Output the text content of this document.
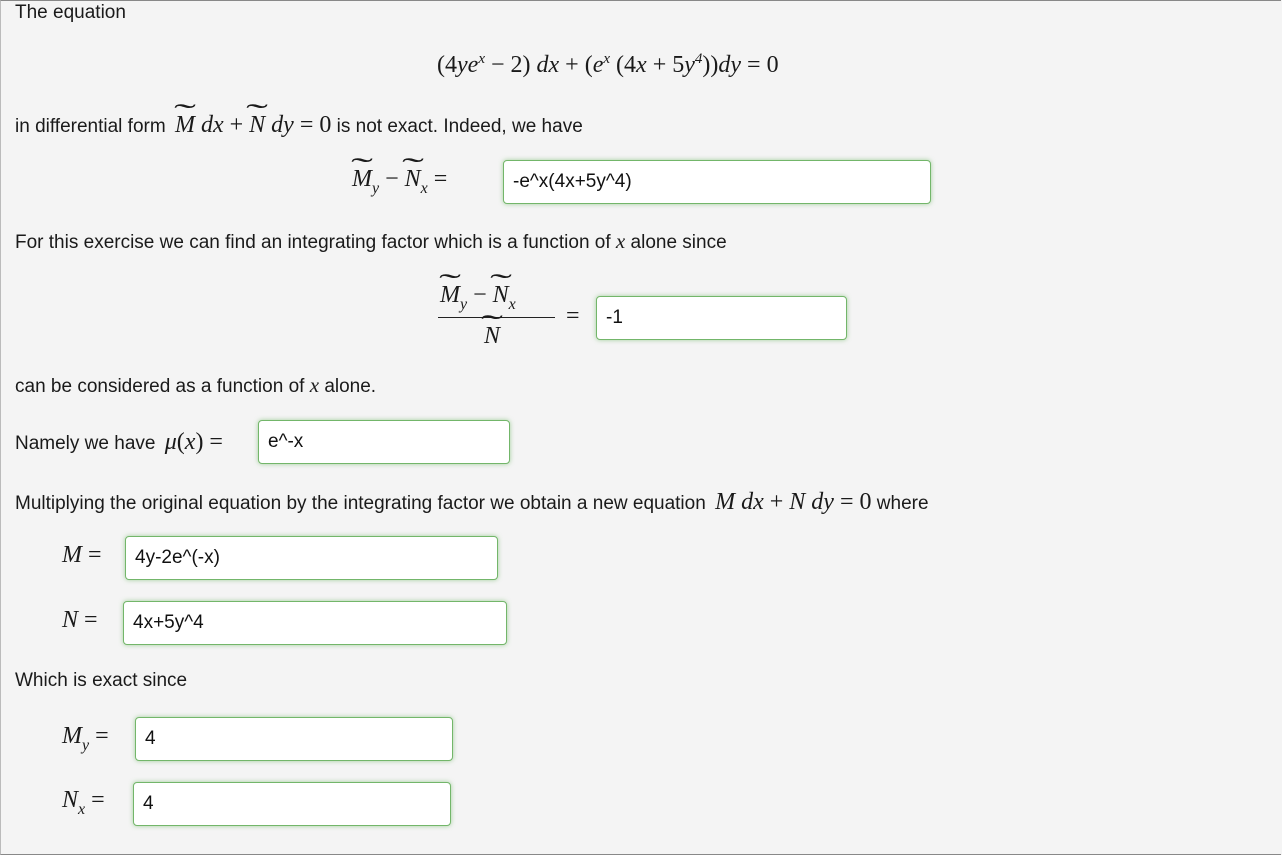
The equation
$(4ye^x - 2)$ dx + ($e^x$ $(4x + 5y^4))dy = 0$
in differential form ˜ M dx + ˜ N dy = 0 is not exact. Indeed, we have
˜ $M_y$ − ˜ $N_x$ =
-e^x(4x+5y^4)
For this exercise we can find an integrating factor which is a function of x alone since
˜ $M_y$ − ˜ $N_x$
˜ N
=
-1
can be considered as a function of x alone.
Namely we have μ(x) =
e^-x
Multiplying the original equation by the integrating factor we obtain a new equation M dx + N dy = 0 where
M =
4y-2e^(-x)
N =
4x+5y^4
Which is exact since
$M_y$ =
4
$N_x$ =
4
